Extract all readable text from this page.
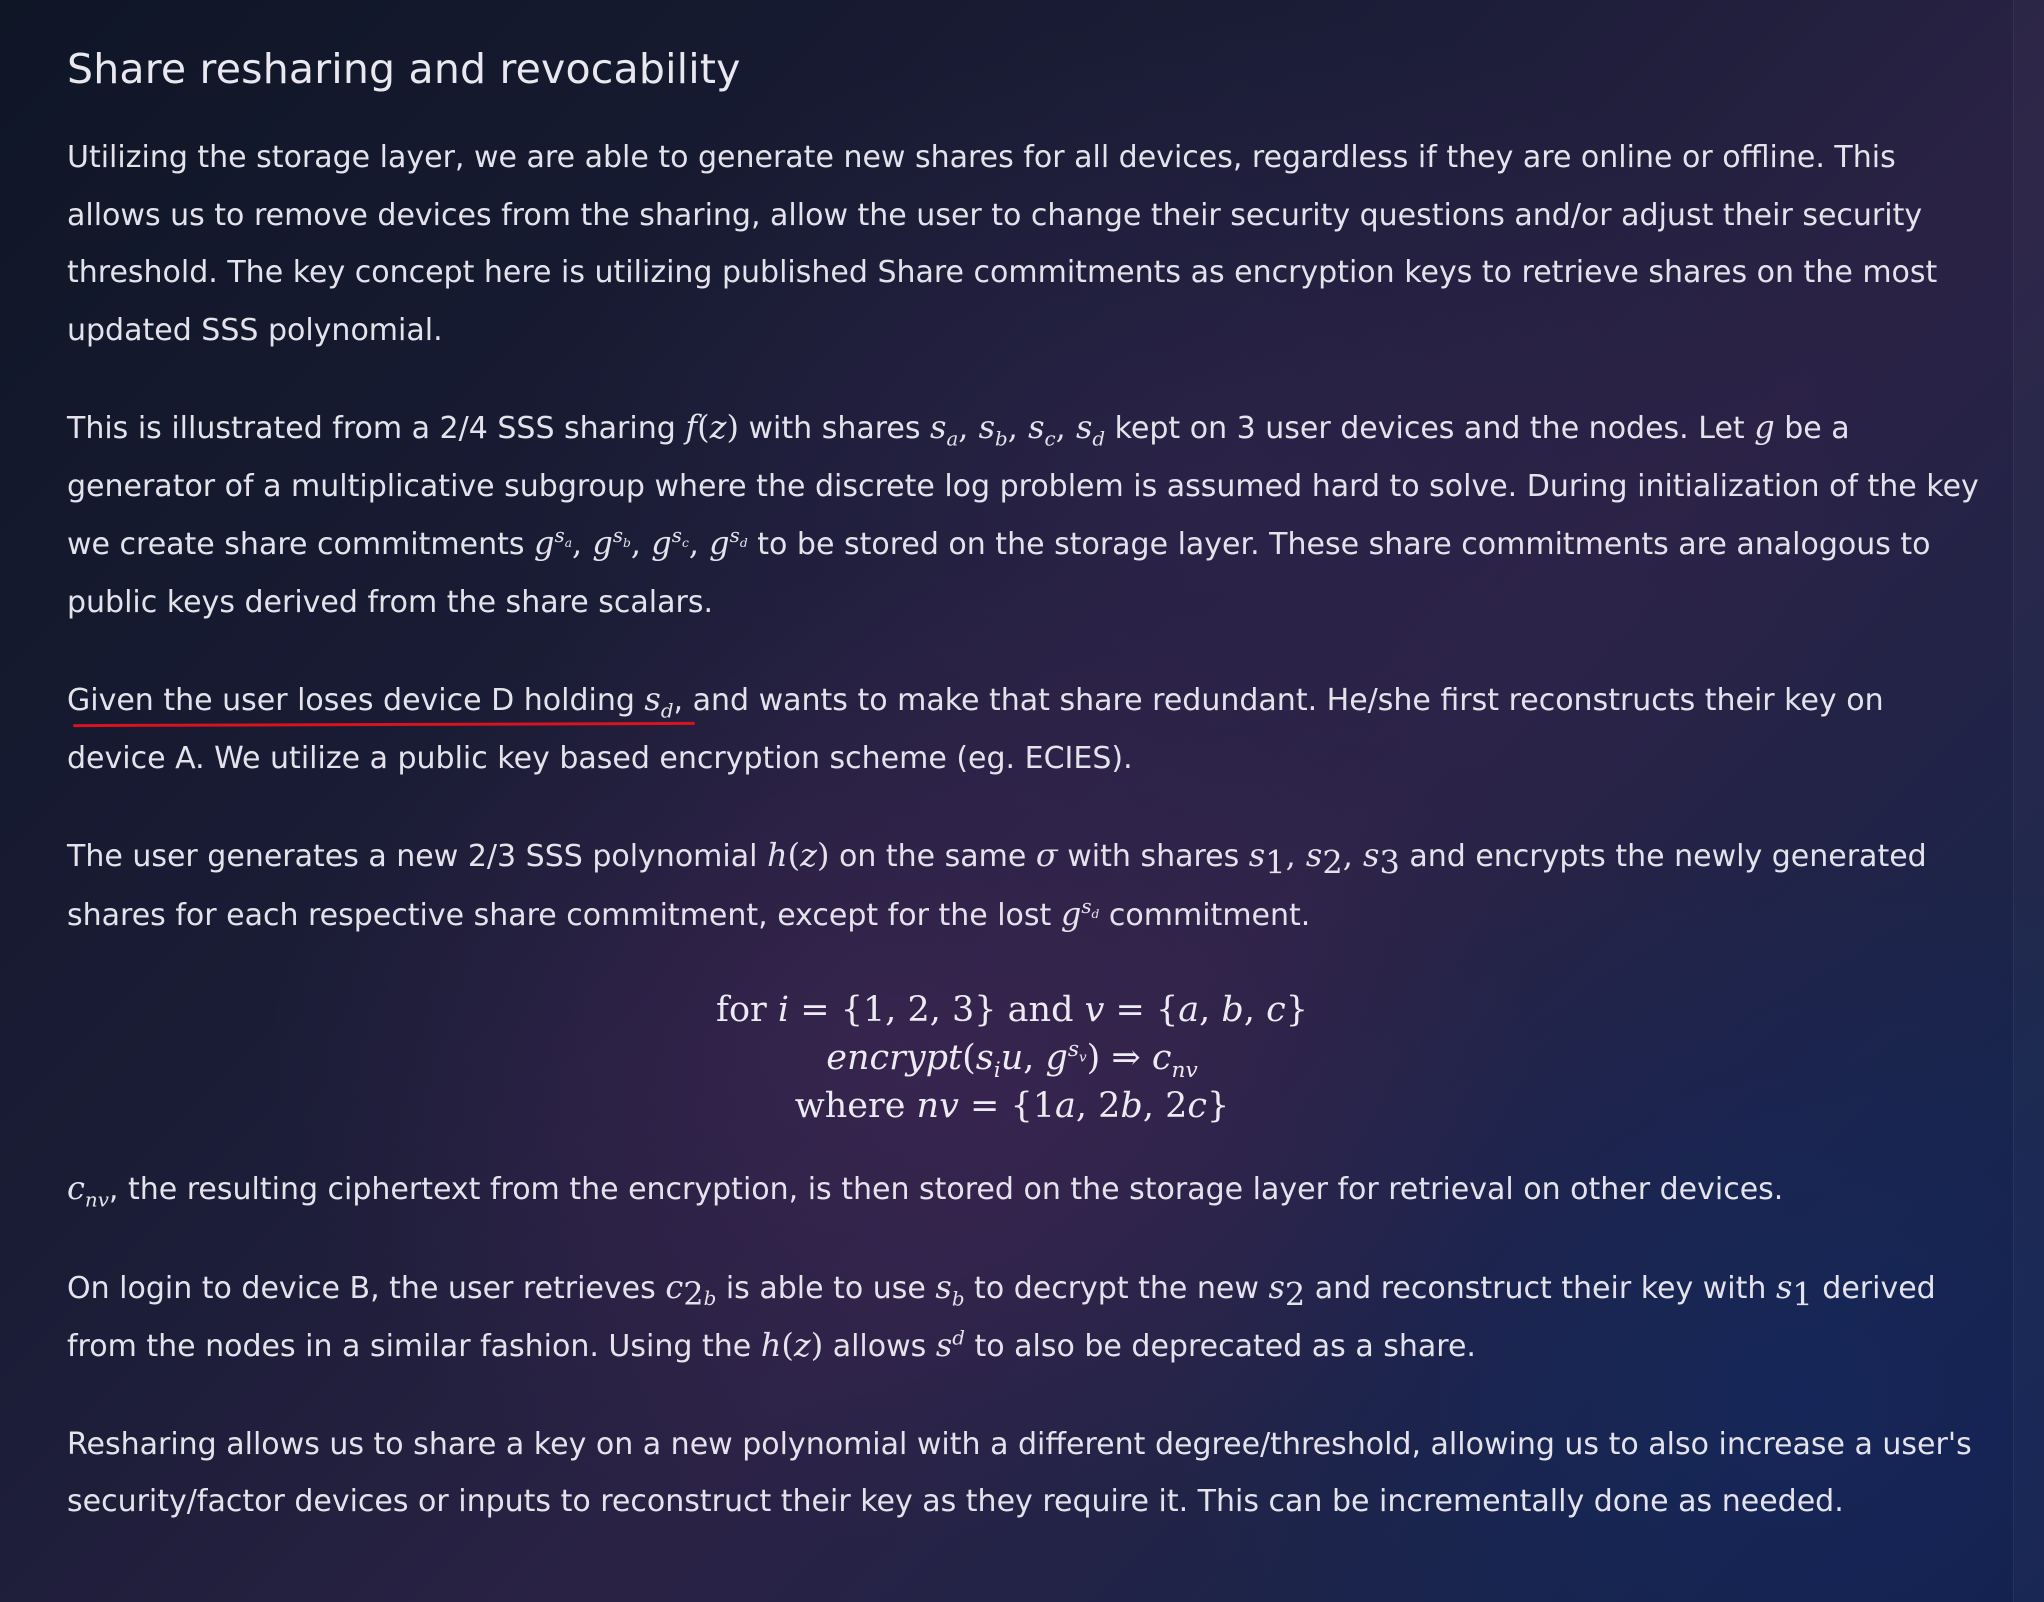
Share resharing and revocability

Utilizing the storage layer, we are able to generate new shares for all devices, regardless if they are online or offline. This allows us to remove devices from the sharing, allow the user to change their security questions and/or adjust their security threshold. The key concept here is utilizing published Share commitments as encryption keys to retrieve shares on the most updated SSS polynomial.

This is illustrated from a 2/4 SSS sharing f(z) with shares $s_a$, $s_b$, $s_c$, $s_d$ kept on 3 user devices and the nodes. Let g be a generator of a multiplicative subgroup where the discrete log problem is assumed hard to solve. During initialization of the key we create share commitments $g^{s_a}$, $g^{s_b}$, $g^{s_c}$, $g^{s_d}$ to be stored on the storage layer. These share commitments are analogous to public keys derived from the share scalars.

Given the user loses device D holding $s_d$, and wants to make that share redundant. He/she first reconstructs their key on device A. We utilize a public key based encryption scheme (eg. ECIES).

The user generates a new 2/3 SSS polynomial h(z) on the same σ with shares $s_1$, $s_2$, $s_3$ and encrypts the newly generated shares for each respective share commitment, except for the lost $g^{s_d}$ commitment.

for i = {1, 2, 3} and v = {a, b, c}
$encrypt(s_iu$, $g^{s_v}$) ⇒ $c_{nv}$
where nv = {1a, 2b, 2c}

$c_{nv}$, the resulting ciphertext from the encryption, is then stored on the storage layer for retrieval on other devices.

On login to device B, the user retrieves $c_{2b}$ is able to use $s_b$ to decrypt the new $s_2$ and reconstruct their key with $s_1$ derived from the nodes in a similar fashion. Using the h(z) allows $s^d$ to also be deprecated as a share.

Resharing allows us to share a key on a new polynomial with a different degree/threshold, allowing us to also increase a user's security/factor devices or inputs to reconstruct their key as they require it. This can be incrementally done as needed.
